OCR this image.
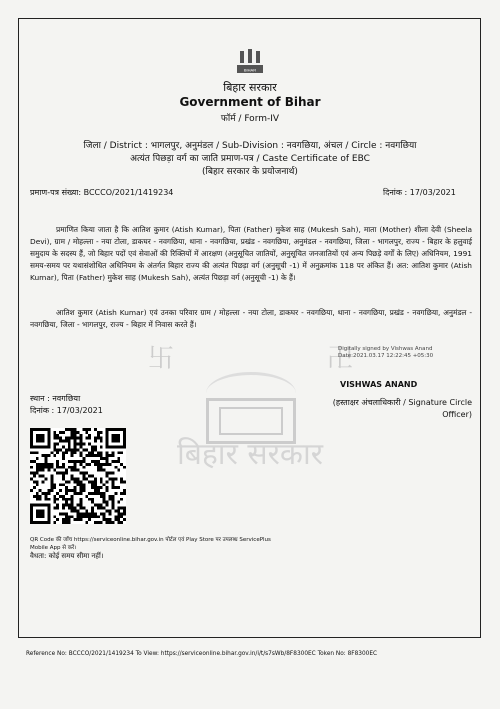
卐	卍
बिहार सरकार
BIHAR
बिहार सरकार
Government of Bihar
फॉर्म / Form-IV
जिला / District : भागलपुर, अनुमंडल / Sub-Division : नवगछिया, अंचल / Circle : नवगछिया
अत्यंत पिछड़ा वर्ग का जाति प्रमाण-पत्र / Caste Certificate of EBC
(बिहार सरकार के प्रयोजनार्थ)
प्रमाण-पत्र संख्या: BCCCO/2021/1419234	दिनांक : 17/03/2021
प्रमाणित किया जाता है कि आतिश कुमार (Atish Kumar), पिता (Father) मुकेश साह (Mukesh Sah), माता (Mother) शीला देवी (Sheela Devi), ग्राम / मोहल्ला - नया टोला, डाकघर - नवगछिया, थाना - नवगछिया, प्रखंड - नवगछिया, अनुमंडल - नवगछिया, जिला - भागलपुर, राज्य - बिहार के हलुवाई समुदाय के सदस्य हैं, जो बिहार पदों एवं सेवाओं की रिक्तियों में आरक्षण (अनुसूचित जातियों, अनुसूचित जनजातियों एवं अन्य पिछड़े वर्गों के लिए) अधिनियम, 1991 समय-समय पर यथासंशोधित अधिनियम के अंतर्गत बिहार राज्य की अत्यंत पिछड़ा वर्ग (अनुसूची -1) में अनुक्रमांक 118 पर अंकित हैं। अत: आतिश कुमार (Atish Kumar), पिता (Father) मुकेश साह (Mukesh Sah), अत्यंत पिछड़ा वर्ग (अनुसूची -1) के हैं।
आतिश कुमार (Atish Kumar) एवं उनका परिवार ग्राम / मोहल्ला - नया टोला, डाकघर - नवगछिया, थाना - नवगछिया, प्रखंड - नवगछिया, अनुमंडल - नवगछिया, जिला - भागलपुर, राज्य - बिहार में निवास करते हैं।
Digitally signed by Vishwas Anand
Date:2021.03.17 12:22:45 +05:30
VISHWAS ANAND
(हस्ताक्षर अंचलाधिकारी / Signature Circle
Officer)
स्थान : नवगछिया
दिनांक : 17/03/2021
QR Code की जाँच https://serviceonline.bihar.gov.in पोर्टल एवं Play Store पर उपलब्ध ServicePlus
Mobile App से करें।
वैधता: कोई समय सीमा नहीं।
Reference No: BCCCO/2021/1419234 To View: https://serviceonline.bihar.gov.in/i/t/s7sWb/8F8300EC Token No: 8F8300EC
